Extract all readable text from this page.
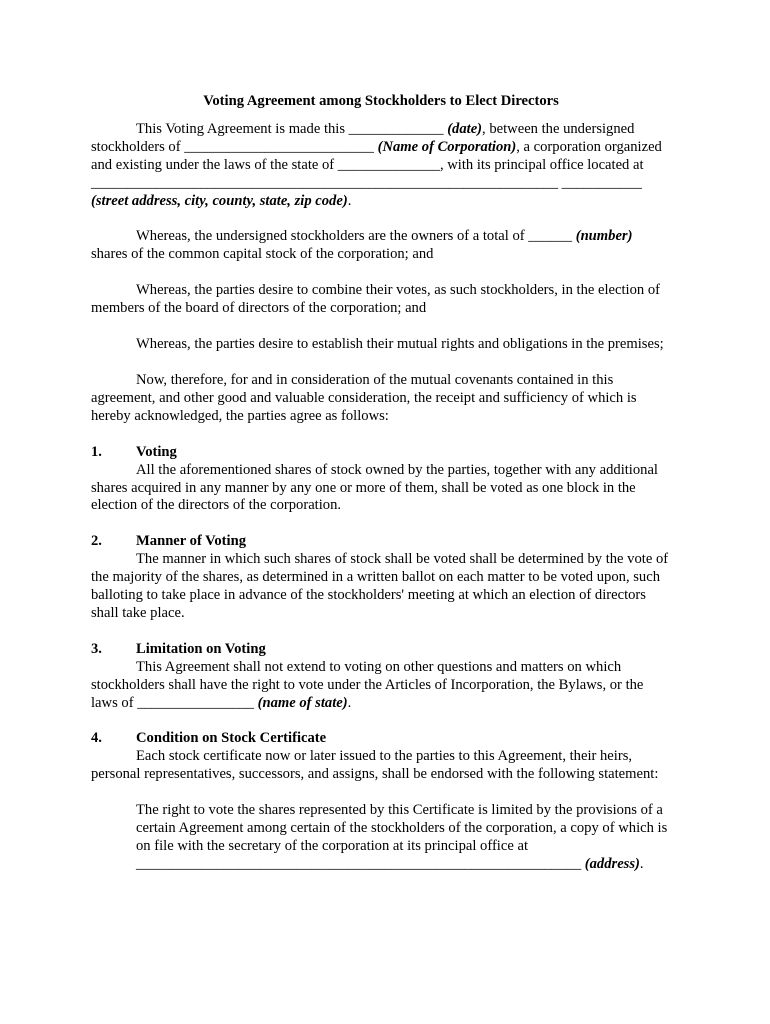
Voting Agreement among Stockholders to Elect Directors

This Voting Agreement is made this _____________ (date), between the undersigned stockholders of __________________________ (Name of Corporation), a corporation organized and existing under the laws of the state of ______________, with its principal office located at ________________________________________________________________ ___________ (street address, city, county, state, zip code).

Whereas, the undersigned stockholders are the owners of a total of ______ (number) shares of the common capital stock of the corporation; and

Whereas, the parties desire to combine their votes, as such stockholders, in the election of members of the board of directors of the corporation; and

Whereas, the parties desire to establish their mutual rights and obligations in the premises;

Now, therefore, for and in consideration of the mutual covenants contained in this agreement, and other good and valuable consideration, the receipt and sufficiency of which is hereby acknowledged, the parties agree as follows:

1.	Voting
All the aforementioned shares of stock owned by the parties, together with any additional shares acquired in any manner by any one or more of them, shall be voted as one block in the election of the directors of the corporation.
2.	Manner of Voting
The manner in which such shares of stock shall be voted shall be determined by the vote of the majority of the shares, as determined in a written ballot on each matter to be voted upon, such balloting to take place in advance of the stockholders' meeting at which an election of directors shall take place.
3.	Limitation on Voting
This Agreement shall not extend to voting on other questions and matters on which stockholders shall have the right to vote under the Articles of Incorporation, the Bylaws, or the laws of ________________ (name of state).
4.	Condition on Stock Certificate
Each stock certificate now or later issued to the parties to this Agreement, their heirs, personal representatives, successors, and assigns, shall be endorsed with the following statement:
The right to vote the shares represented by this Certificate is limited by the provisions of a certain Agreement among certain of the stockholders of the corporation, a copy of which is on file with the secretary of the corporation at its principal office at _____________________________________________________________ (address).
